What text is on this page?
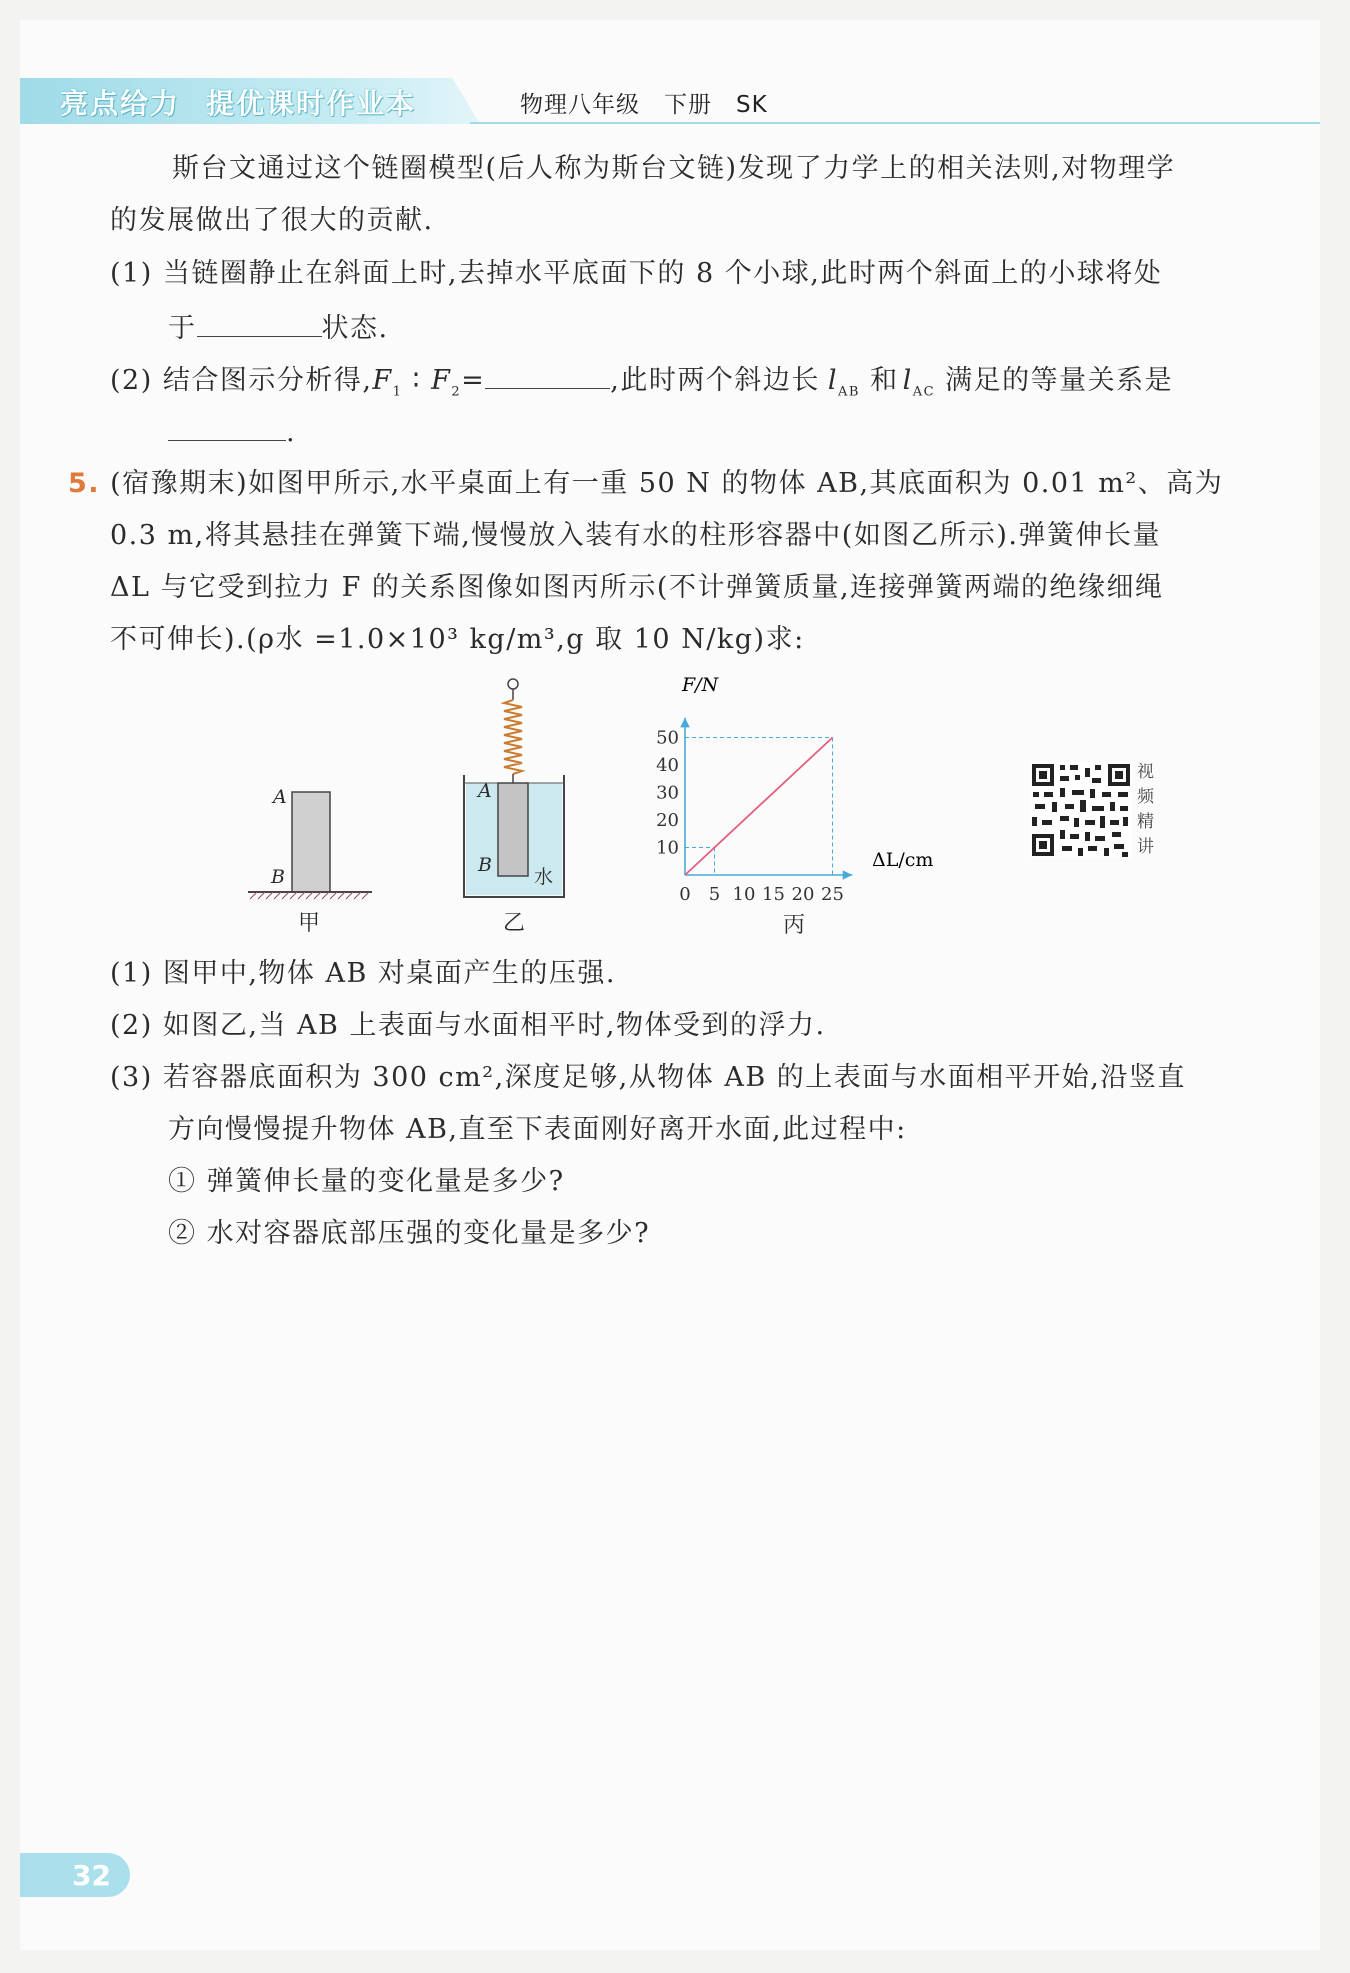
亮点给力 提优课时作业本	物理八年级　下册　SK
斯台文通过这个链圈模型(后人称为斯台文链)发现了力学上的相关法则,对物理学
的发展做出了很大的贡献.
(1) 当链圈静止在斜面上时,去掉水平底面下的 8 个小球,此时两个斜面上的小球将处
于	状态.
(2) 结合图示分析得$,F_1$ ∶ $F_2=$	,此时两个斜边长 $l_{AB}$ 和 $l_{AC}$ 满足的等量关系是
.
5. (宿豫期末)如图甲所示,水平桌面上有一重 50 N 的物体 AB,其底面积为 0.01 m²、高为
0.3 m,将其悬挂在弹簧下端,慢慢放入装有水的柱形容器中(如图乙所示).弹簧伸长量
ΔL 与它受到拉力 F 的关系图像如图丙所示(不计弹簧质量,连接弹簧两端的绝缘细绳
不可伸长).(ρ水 =1.0×10³ kg/m³,g 取 10 N/kg)求:
A
B
甲
A
B
水
乙
0 5 10 15 20 25
10
20
30
40
50
ΔL/cm
F/N
丙
视
频
精
讲
(1) 图甲中,物体 AB 对桌面产生的压强.
(2) 如图乙,当 AB 上表面与水面相平时,物体受到的浮力.
(3) 若容器底面积为 300 cm²,深度足够,从物体 AB 的上表面与水面相平开始,沿竖直
方向慢慢提升物体 AB,直至下表面刚好离开水面,此过程中:
① 弹簧伸长量的变化量是多少?
② 水对容器底部压强的变化量是多少?
32
